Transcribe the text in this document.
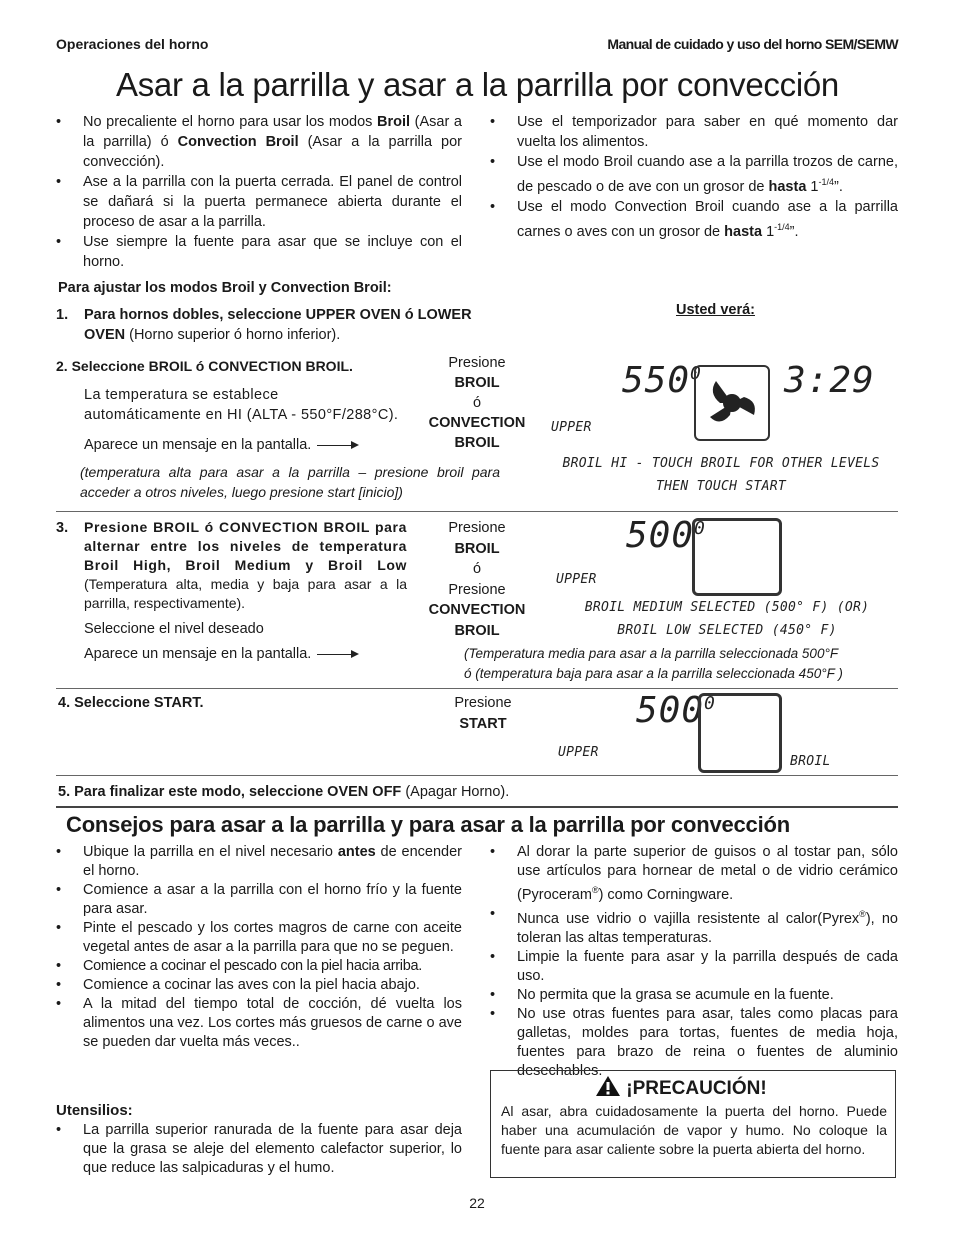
Operaciones del horno	Manual de cuidado y uso del horno SEM/SEMW
Asar a la parrilla y asar a la parrilla por convección
• No precaliente el horno para usar los modos Broil (Asar a la parrilla) ó Convection Broil (Asar a la parrilla por convección).
• Ase a la parrilla con la puerta cerrada. El panel de control se dañará si la puerta permanece abierta durante el proceso de asar a la parrilla.
• Use siempre la fuente para asar que se incluye con el horno.
• Use el temporizador para saber en qué momento dar vuelta los alimentos.
• Use el modo Broil cuando ase a la parrilla trozos de carne, de pescado o de ave con un grosor de hasta $1^{-1/4}$”.
• Use el modo Convection Broil cuando ase a la parrilla carnes o aves con un grosor de hasta $1^{-1/4}$”.
Para ajustar los modos Broil y Convection Broil:
1.	Para hornos dobles, seleccione UPPER OVEN ó LOWER OVEN (Horno superior ó horno inferior).
Usted verá:
2. Seleccione BROIL ó CONVECTION BROIL.
La temperatura se establece automáticamente en HI (ALTA - 550°F/288°C).
Aparece un mensaje en la pantalla.
(temperatura alta para asar a la parrilla – presione broil para acceder a otros niveles, luego presione start [inicio])
Presione
BROIL
ó
CONVECTION
BROIL
$550^0$ 3:29
UPPER
BROIL HI - TOUCH BROIL FOR OTHER LEVELS
THEN TOUCH START
3.	Presione BROIL ó CONVECTION BROIL para alternar entre los niveles de temperatura Broil High, Broil Medium y Broil Low (Temperatura alta, media y baja para asar a la parrilla, respectivamente).
Seleccione el nivel deseado
Aparece un mensaje en la pantalla.
Presione
BROIL
ó
Presione
CONVECTION
BROIL
$500^0$
UPPER
BROIL MEDIUM SELECTED (500° F) (OR)
BROIL LOW SELECTED (450° F)
(Temperatura media para asar a la parrilla seleccionada 500°F
ó (temperatura baja para asar a la parrilla seleccionada 450°F )
4. Seleccione START.	Presione
START	$500^0$
UPPER
BROIL
5. Para finalizar este modo, seleccione OVEN OFF (Apagar Horno).
Consejos para asar a la parrilla y para asar a la parrilla por convección
• Ubique la parrilla en el nivel necesario antes de encender el horno.
• Comience a asar a la parrilla con el horno frío y la fuente para asar.
• Pinte el pescado y los cortes magros de carne con aceite vegetal antes de asar a la parrilla para que no se peguen.
• Comience a cocinar el pescado con la piel hacia arriba.
• Comience a cocinar las aves con la piel hacia abajo.
• A la mitad del tiempo total de cocción, dé vuelta los alimentos una vez. Los cortes más gruesos de carne o ave se pueden dar vuelta más veces..
• Al dorar la parte superior de guisos o al tostar pan, sólo use artículos para hornear de metal o de vidrio cerámico (Pyroceram®) como Corningware.
• Nunca use vidrio o vajilla resistente al calor(Pyrex®), no toleran las altas temperaturas.
• Limpie la fuente para asar y la parrilla después de cada uso.
• No permita que la grasa se acumule en la fuente.
• No use otras fuentes para asar, tales como placas para galletas, moldes para tortas, fuentes de media hoja, fuentes para brazo de reina o fuentes de aluminio desechables.
Utensilios:
• La parrilla superior ranurada de la fuente para asar deja que la grasa se aleje del elemento calefactor superior, lo que reduce las salpicaduras y el humo.
¡PRECAUCIÓN!
Al asar, abra cuidadosamente la puerta del horno. Puede haber una acumulación de vapor y humo. No coloque la fuente para asar caliente sobre la puerta abierta del horno.
22
